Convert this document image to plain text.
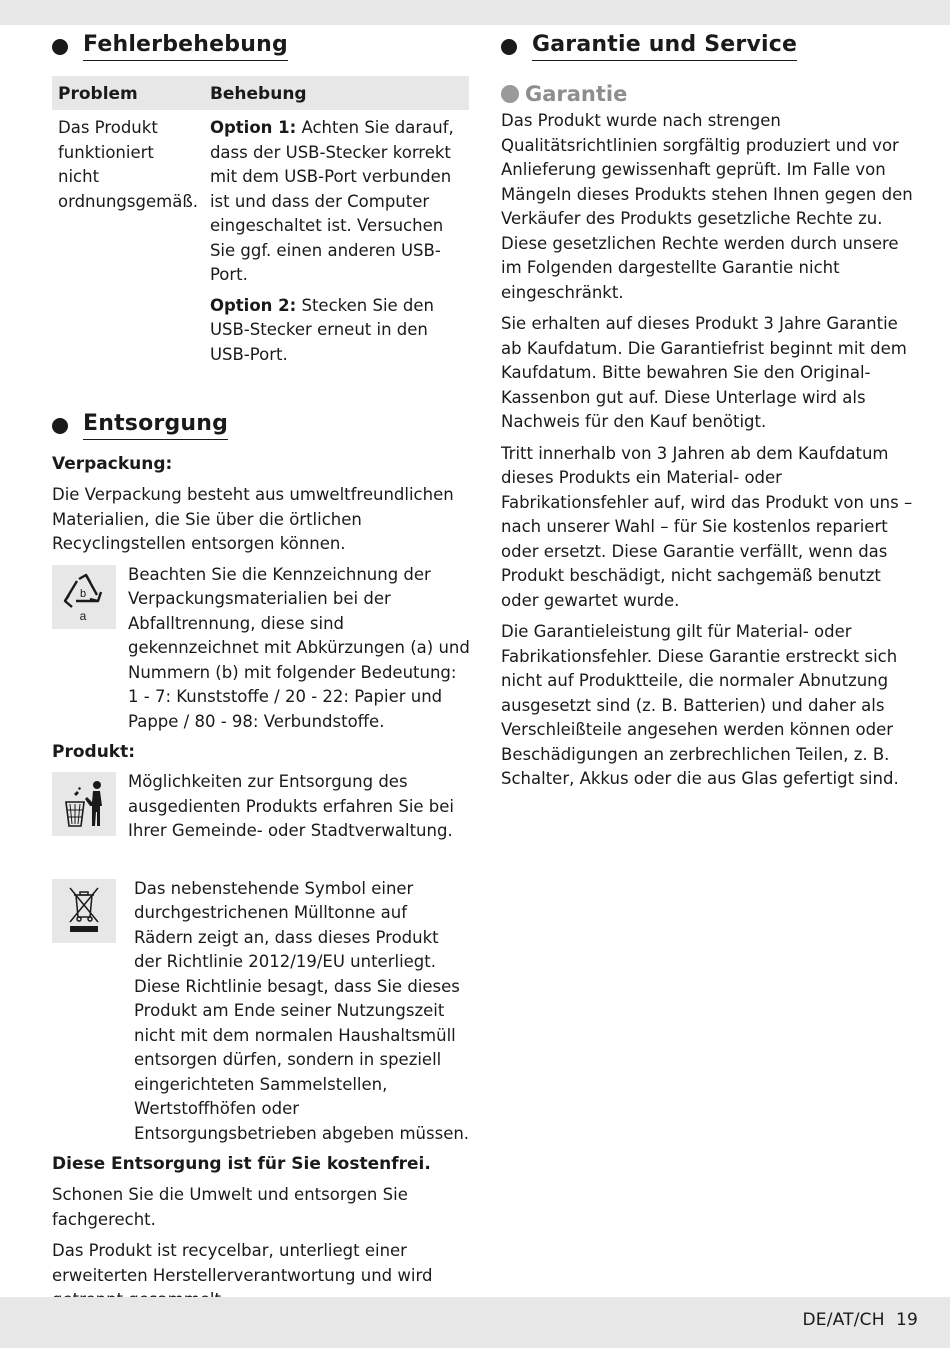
Fehlerbehebung
Problem	Behebung
Das Produkt funktioniert nicht ordnungsgemäß.	Option 1: Achten Sie darauf, dass der USB-Stecker korrekt mit dem USB-Port verbunden ist und dass der Computer eingeschaltet ist. Versuchen Sie ggf. einen anderen USB-Port.
Option 2: Stecken Sie den USB-Stecker erneut in den USB-Port.
Entsorgung
Verpackung:

Die Verpackung besteht aus umweltfreundlichen Materialien, die Sie über die örtlichen Recyclingstellen entsorgen können.

b
a

Beachten Sie die Kennzeichnung der Verpackungsmaterialien bei der Abfalltrennung, diese sind gekennzeichnet mit Abkürzungen (a) und Nummern (b) mit folgender Bedeutung: 1 - 7: Kunststoffe / 20 - 22: Papier und Pappe / 80 - 98: Verbundstoffe.

Produkt:

Möglichkeiten zur Entsorgung des ausgedienten Produkts erfahren Sie bei Ihrer Gemeinde- oder Stadtverwaltung.

Das nebenstehende Symbol einer durchgestrichenen Mülltonne auf Rädern zeigt an, dass dieses Produkt der Richtlinie 2012/19/EU unterliegt. Diese Richtlinie besagt, dass Sie dieses Produkt am Ende seiner Nutzungszeit nicht mit dem normalen Haushaltsmüll entsorgen dürfen, sondern in speziell eingerichteten Sammelstellen, Wertstoffhöfen oder Entsorgungsbetrieben abgeben müssen.

Diese Entsorgung ist für Sie kostenfrei.

Schonen Sie die Umwelt und entsorgen Sie fachgerecht.

Das Produkt ist recycelbar, unterliegt einer erweiterten Herstellerverantwortung und wird

Garantie und Service
Garantie

Das Produkt wurde nach strengen Qualitätsrichtlinien sorgfältig produziert und vor Anlieferung gewissenhaft geprüft. Im Falle von Mängeln dieses Produkts stehen Ihnen gegen den Verkäufer des Produkts gesetzliche Rechte zu. Diese gesetzlichen Rechte werden durch unsere im Folgenden dargestellte Garantie nicht eingeschränkt.

Sie erhalten auf dieses Produkt 3 Jahre Garantie ab Kaufdatum. Die Garantiefrist beginnt mit dem Kaufdatum. Bitte bewahren Sie den Original-Kassenbon gut auf. Diese Unterlage wird als Nachweis für den Kauf benötigt.

Tritt innerhalb von 3 Jahren ab dem Kaufdatum dieses Produkts ein Material- oder Fabrikationsfehler auf, wird das Produkt von uns – nach unserer Wahl – für Sie kostenlos repariert oder ersetzt. Diese Garantie verfällt, wenn das Produkt beschädigt, nicht sachgemäß benutzt oder gewartet wurde.

Die Garantieleistung gilt für Material- oder Fabrikationsfehler. Diese Garantie erstreckt sich nicht auf Produktteile, die normaler Abnutzung ausgesetzt sind (z. B. Batterien) und daher als Verschleißteile angesehen werden können oder Beschädigungen an zerbrechlichen Teilen, z. B. Schalter, Akkus oder die aus Glas gefertigt sind.

DE/AT/CH 19
